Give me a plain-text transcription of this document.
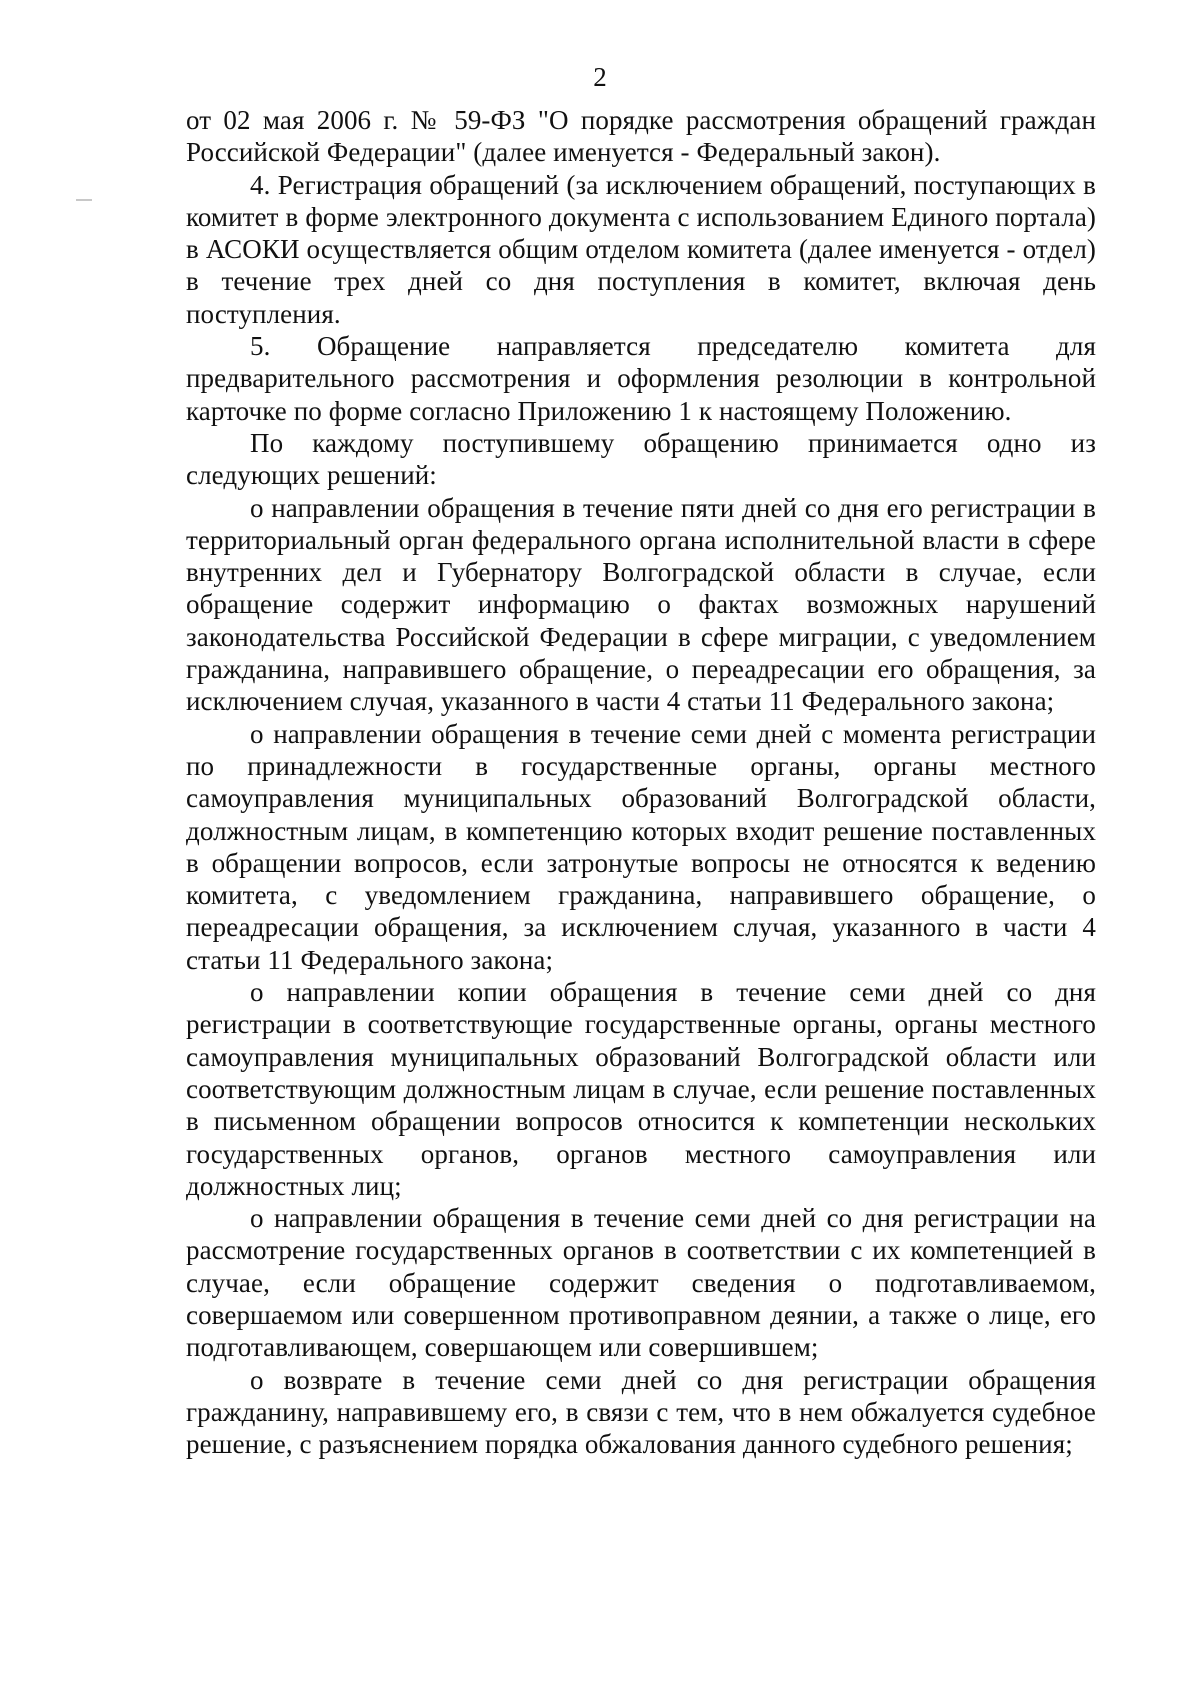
2

от 02 мая 2006 г. № 59-ФЗ "О порядке рассмотрения обращений граждан Российской Федерации" (далее именуется - Федеральный закон).

4. Регистрация обращений (за исключением обращений, поступающих в комитет в форме электронного документа с использованием Единого портала) в АСОКИ осуществляется общим отделом комитета (далее именуется - отдел) в течение трех дней со дня поступления в комитет, включая день поступления.

5. Обращение направляется председателю комитета для предварительного рассмотрения и оформления резолюции в контрольной карточке по форме согласно Приложению 1 к настоящему Положению.

По каждому поступившему обращению принимается одно из следующих решений:

о направлении обращения в течение пяти дней со дня его регистрации в территориальный орган федерального органа исполнительной власти в сфере внутренних дел и Губернатору Волгоградской области в случае, если обращение содержит информацию о фактах возможных нарушений законодательства Российской Федерации в сфере миграции, с уведомлением гражданина, направившего обращение, о переадресации его обращения, за исключением случая, указанного в части 4 статьи 11 Федерального закона;

о направлении обращения в течение семи дней с момента регистрации по принадлежности в государственные органы, органы местного самоуправления муниципальных образований Волгоградской области, должностным лицам, в компетенцию которых входит решение поставленных в обращении вопросов, если затронутые вопросы не относятся к ведению комитета, с уведомлением гражданина, направившего обращение, о переадресации обращения, за исключением случая, указанного в части 4 статьи 11 Федерального закона;

о направлении копии обращения в течение семи дней со дня регистрации в соответствующие государственные органы, органы местного самоуправления муниципальных образований Волгоградской области или соответствующим должностным лицам в случае, если решение поставленных в письменном обращении вопросов относится к компетенции нескольких государственных органов, органов местного самоуправления или должностных лиц;

о направлении обращения в течение семи дней со дня регистрации на рассмотрение государственных органов в соответствии с их компетенцией в случае, если обращение содержит сведения о подготавливаемом, совершаемом или совершенном противоправном деянии, а также о лице, его подготавливающем, совершающем или совершившем;

о возврате в течение семи дней со дня регистрации обращения гражданину, направившему его, в связи с тем, что в нем обжалуется судебное решение, с разъяснением порядка обжалования данного судебного решения;
